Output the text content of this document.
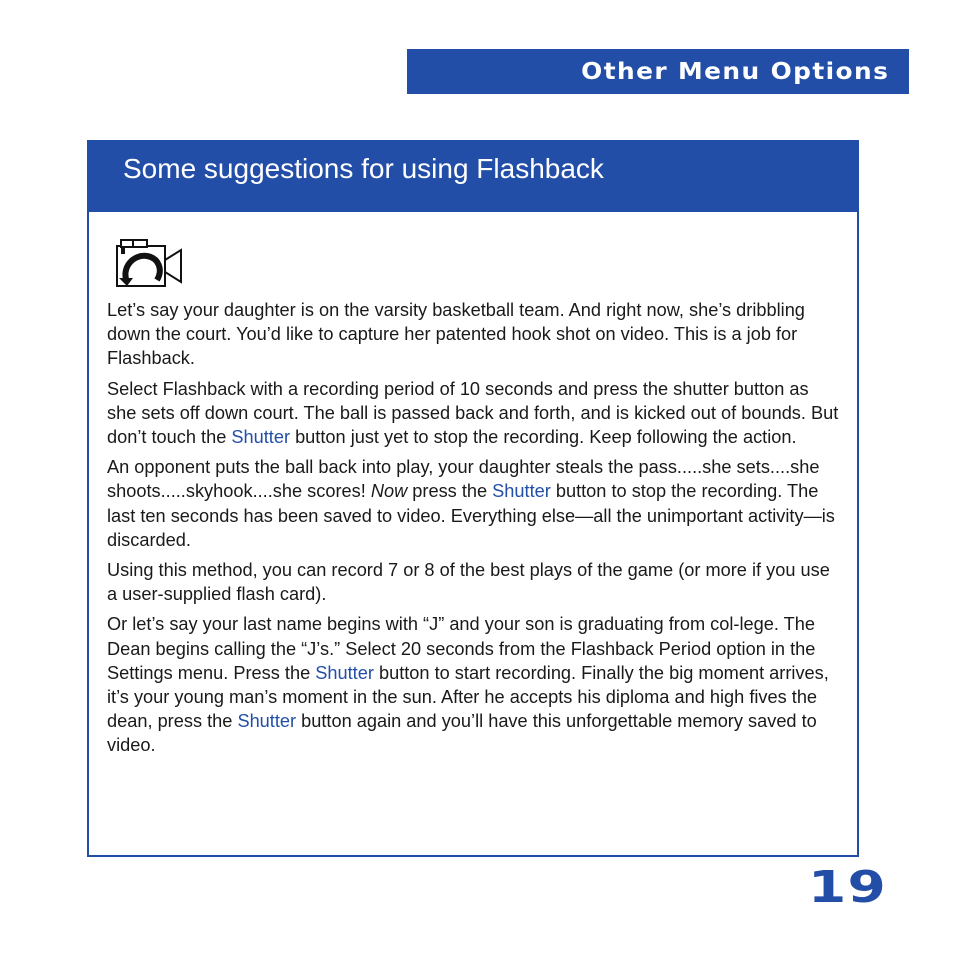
Other Menu Options
Some suggestions for using Flashback

Let’s say your daughter is on the varsity basketball team. And right now, she’s dribbling down the court. You’d like to capture her patented hook shot on video. This is a job for Flashback.

Select Flashback with a recording period of 10 seconds and press the shutter button as she sets off down court. The ball is passed back and forth, and is kicked out of bounds. But don’t touch the Shutter button just yet to stop the recording. Keep following the action.

An opponent puts the ball back into play, your daughter steals the pass.....she sets....she shoots.....skyhook....she scores! Now press the Shutter button to stop the recording. The last ten seconds has been saved to video. Everything else—all the unimportant activity—is discarded.

Using this method, you can record 7 or 8 of the best plays of the game (or more if you use a user-supplied flash card).

Or let’s say your last name begins with “J” and your son is graduating from col-lege. The Dean begins calling the “J’s.” Select 20 seconds from the Flashback Period option in the Settings menu. Press the Shutter button to start recording. Finally the big moment arrives, it’s your young man’s moment in the sun. After he accepts his diploma and high fives the dean, press the Shutter button again and you’ll have this unforgettable memory saved to video.

19
